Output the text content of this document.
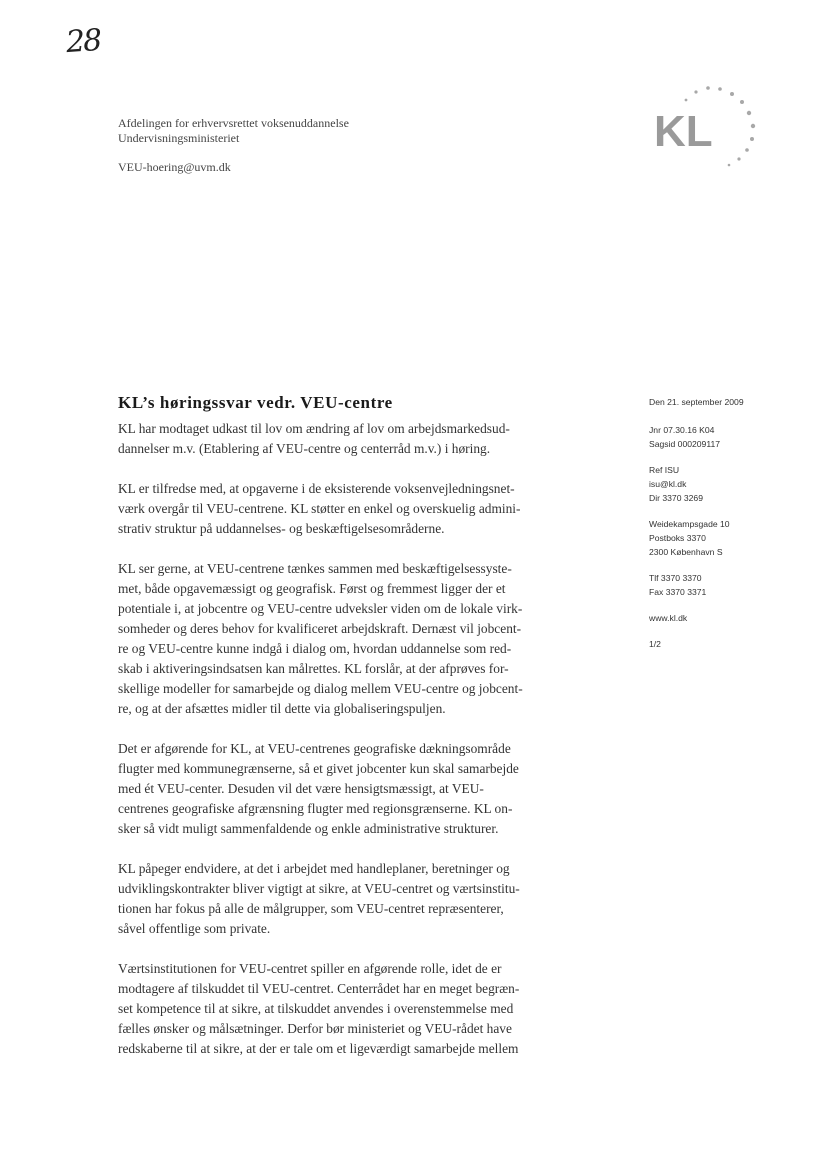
28
Afdelingen for erhvervsrettet voksenuddannelse
Undervisningsministeriet
VEU-hoering@uvm.dk
KL
KL’s høringssvar vedr. VEU-centre

KL har modtaget udkast til lov om ændring af lov om arbejdsmarkedsud-
dannelser m.v. (Etablering af VEU-centre og centerråd m.v.) i høring.

KL er tilfredse med, at opgaverne i de eksisterende voksenvejledningsnet-
værk overgår til VEU-centrene. KL støtter en enkel og overskuelig admini-
strativ struktur på uddannelses- og beskæftigelsesområderne.

KL ser gerne, at VEU-centrene tænkes sammen med beskæftigelsessyste-
met, både opgavemæssigt og geografisk. Først og fremmest ligger der et
potentiale i, at jobcentre og VEU-centre udveksler viden om de lokale virk-
somheder og deres behov for kvalificeret arbejdskraft. Dernæst vil jobcent-
re og VEU-centre kunne indgå i dialog om, hvordan uddannelse som red-
skab i aktiveringsindsatsen kan målrettes. KL forslår, at der afprøves for-
skellige modeller for samarbejde og dialog mellem VEU-centre og jobcent-
re, og at der afsættes midler til dette via globaliseringspuljen.

Det er afgørende for KL, at VEU-centrenes geografiske dækningsområde
flugter med kommunegrænserne, så et givet jobcenter kun skal samarbejde
med ét VEU-center. Desuden vil det være hensigtsmæssigt, at VEU-
centrenes geografiske afgrænsning flugter med regionsgrænserne. KL on-
sker så vidt muligt sammenfaldende og enkle administrative strukturer.

KL påpeger endvidere, at det i arbejdet med handleplaner, beretninger og
udviklingskontrakter bliver vigtigt at sikre, at VEU-centret og værtsinstitu-
tionen har fokus på alle de målgrupper, som VEU-centret repræsenterer,
såvel offentlige som private.

Værtsinstitutionen for VEU-centret spiller en afgørende rolle, idet de er
modtagere af tilskuddet til VEU-centret. Centerrådet har en meget begræn-
set kompetence til at sikre, at tilskuddet anvendes i overenstemmelse med
fælles ønsker og målsætninger. Derfor bør ministeriet og VEU-rådet have
redskaberne til at sikre, at der er tale om et ligeværdigt samarbejde mellem

Den 21. september 2009
Jnr 07.30.16 K04
Sagsid 000209117
Ref ISU
isu@kl.dk
Dir 3370 3269
Weidekampsgade 10
Postboks 3370
2300 København S
Tlf 3370 3370
Fax 3370 3371
www.kl.dk
1/2
